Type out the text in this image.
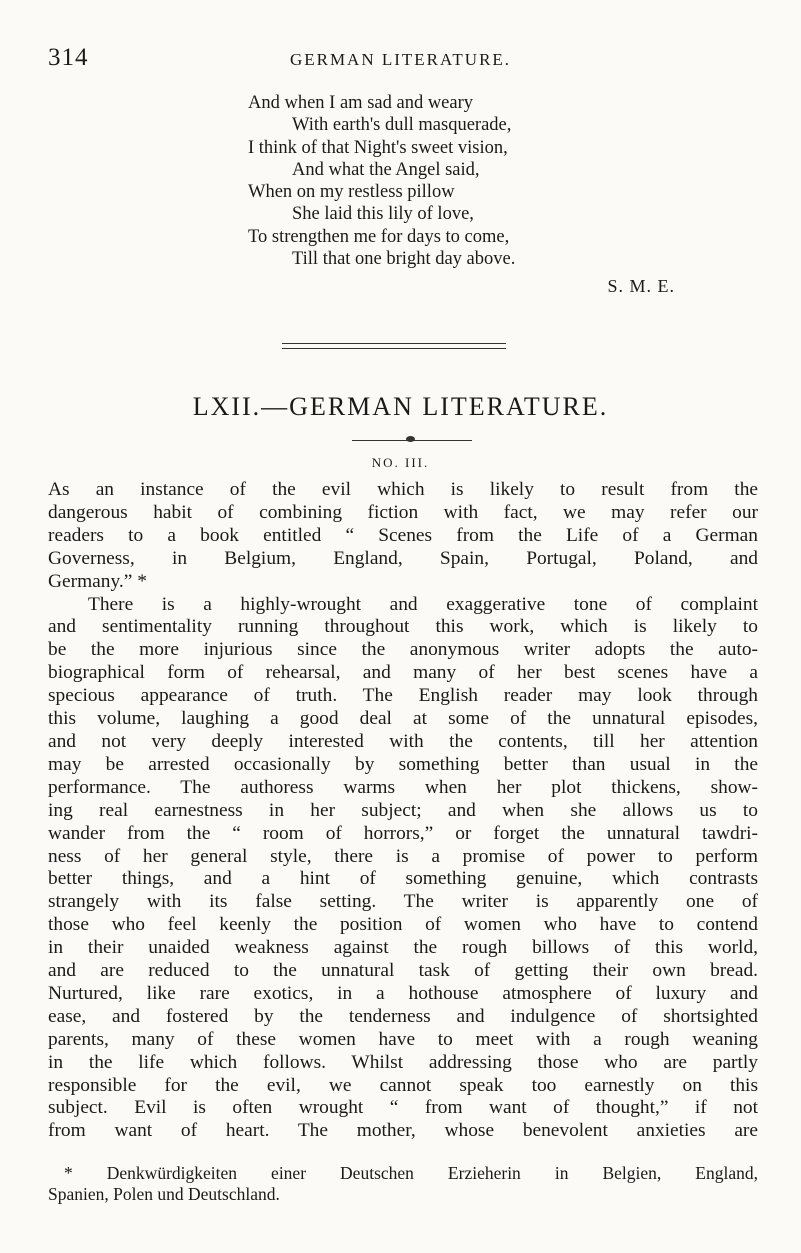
314	GERMAN LITERATURE.
And when I am sad and weary
With earth's dull masquerade,
I think of that Night's sweet vision,
And what the Angel said,
When on my restless pillow
She laid this lily of love,
To strengthen me for days to come,
Till that one bright day above.
S. M. E.
LXII.—GERMAN LITERATURE.
NO. III.
As an instance of the evil which is likely to result from the
dangerous habit of combining fiction with fact, we may refer our
readers to a book entitled “ Scenes from the Life of a German
Governess, in Belgium, England, Spain, Portugal, Poland, and
Germany.” *
There is a highly-wrought and exaggerative tone of complaint
and sentimentality running throughout this work, which is likely to
be the more injurious since the anonymous writer adopts the auto-
biographical form of rehearsal, and many of her best scenes have a
specious appearance of truth. The English reader may look through
this volume, laughing a good deal at some of the unnatural episodes,
and not very deeply interested with the contents, till her attention
may be arrested occasionally by something better than usual in the
performance. The authoress warms when her plot thickens, show-
ing real earnestness in her subject; and when she allows us to
wander from the “ room of horrors,” or forget the unnatural tawdri-
ness of her general style, there is a promise of power to perform
better things, and a hint of something genuine, which contrasts
strangely with its false setting. The writer is apparently one of
those who feel keenly the position of women who have to contend
in their unaided weakness against the rough billows of this world,
and are reduced to the unnatural task of getting their own bread.
Nurtured, like rare exotics, in a hothouse atmosphere of luxury and
ease, and fostered by the tenderness and indulgence of shortsighted
parents, many of these women have to meet with a rough weaning
in the life which follows. Whilst addressing those who are partly
responsible for the evil, we cannot speak too earnestly on this
subject. Evil is often wrought “ from want of thought,” if not
from want of heart. The mother, whose benevolent anxieties are
* Denkwürdigkeiten einer Deutschen Erzieherin in Belgien, England,
Spanien, Polen und Deutschland.
